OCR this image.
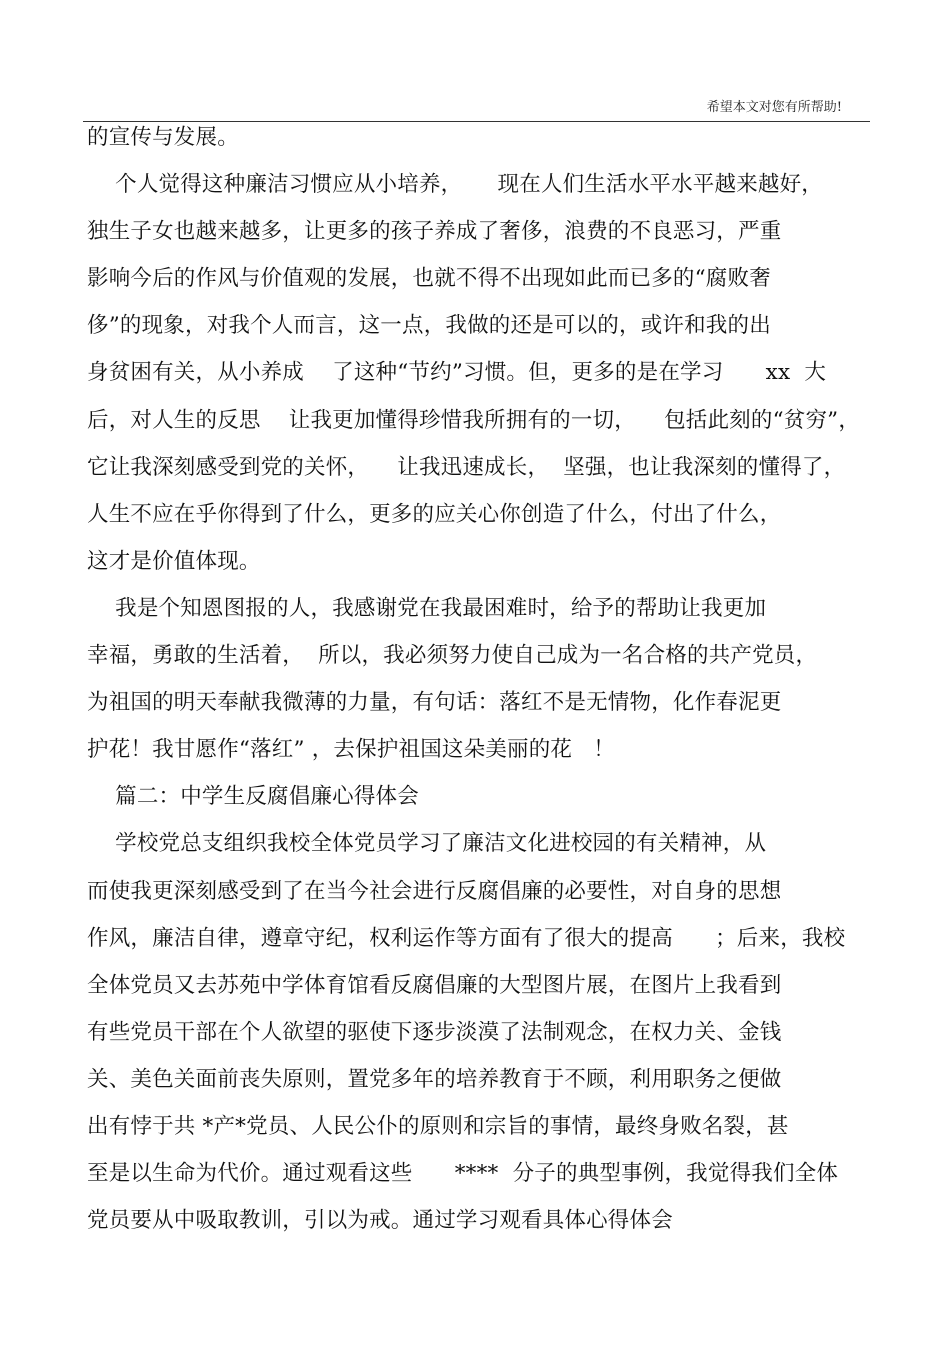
希望本文对您有所帮助!
的宣传与发展。
个人觉得这种廉洁习惯应从小培养，     现在人们生活水平水平越来越好，
独生子女也越来越多，让更多的孩子养成了奢侈，浪费的不良恶习，严重
影响今后的作风与价值观的发展，也就不得不出现如此而已多的“腐败奢
侈”的现象，对我个人而言，这一点，我做的还是可以的，或许和我的出
身贫困有关，从小养成    了这种“节约”习惯。但，更多的是在学习      xx  大
后，对人生的反思    让我更加懂得珍惜我所拥有的一切，    包括此刻的“贫穷”，
它让我深刻感受到党的关怀，    让我迅速成长，  坚强，也让我深刻的懂得了，
人生不应在乎你得到了什么，更多的应关心你创造了什么，付出了什么，
这才是价值体现。
我是个知恩图报的人，我感谢党在我最困难时，给予的帮助让我更加
幸福，勇敢的生活着，  所以，我必须努力使自己成为一名合格的共产党员，
为祖国的明天奉献我微薄的力量，有句话：落红不是无情物，化作春泥更
护花！我甘愿作“落红” ，去保护祖国这朵美丽的花   ！
篇二：中学生反腐倡廉心得体会
学校党总支组织我校全体党员学习了廉洁文化进校园的有关精神，从
而使我更深刻感受到了在当今社会进行反腐倡廉的必要性，对自身的思想
作风，廉洁自律，遵章守纪，权利运作等方面有了很大的提高      ；后来，我校
全体党员又去苏苑中学体育馆看反腐倡廉的大型图片展，在图片上我看到
有些党员干部在个人欲望的驱使下逐步淡漠了法制观念，在权力关、金钱
关、美色关面前丧失原则，置党多年的培养教育于不顾，利用职务之便做
出有悖于共 *产*党员、人民公仆的原则和宗旨的事情，最终身败名裂，甚
至是以生命为代价。通过观看这些      ****  分子的典型事例，我觉得我们全体
党员要从中吸取教训，引以为戒。通过学习观看具体心得体会
